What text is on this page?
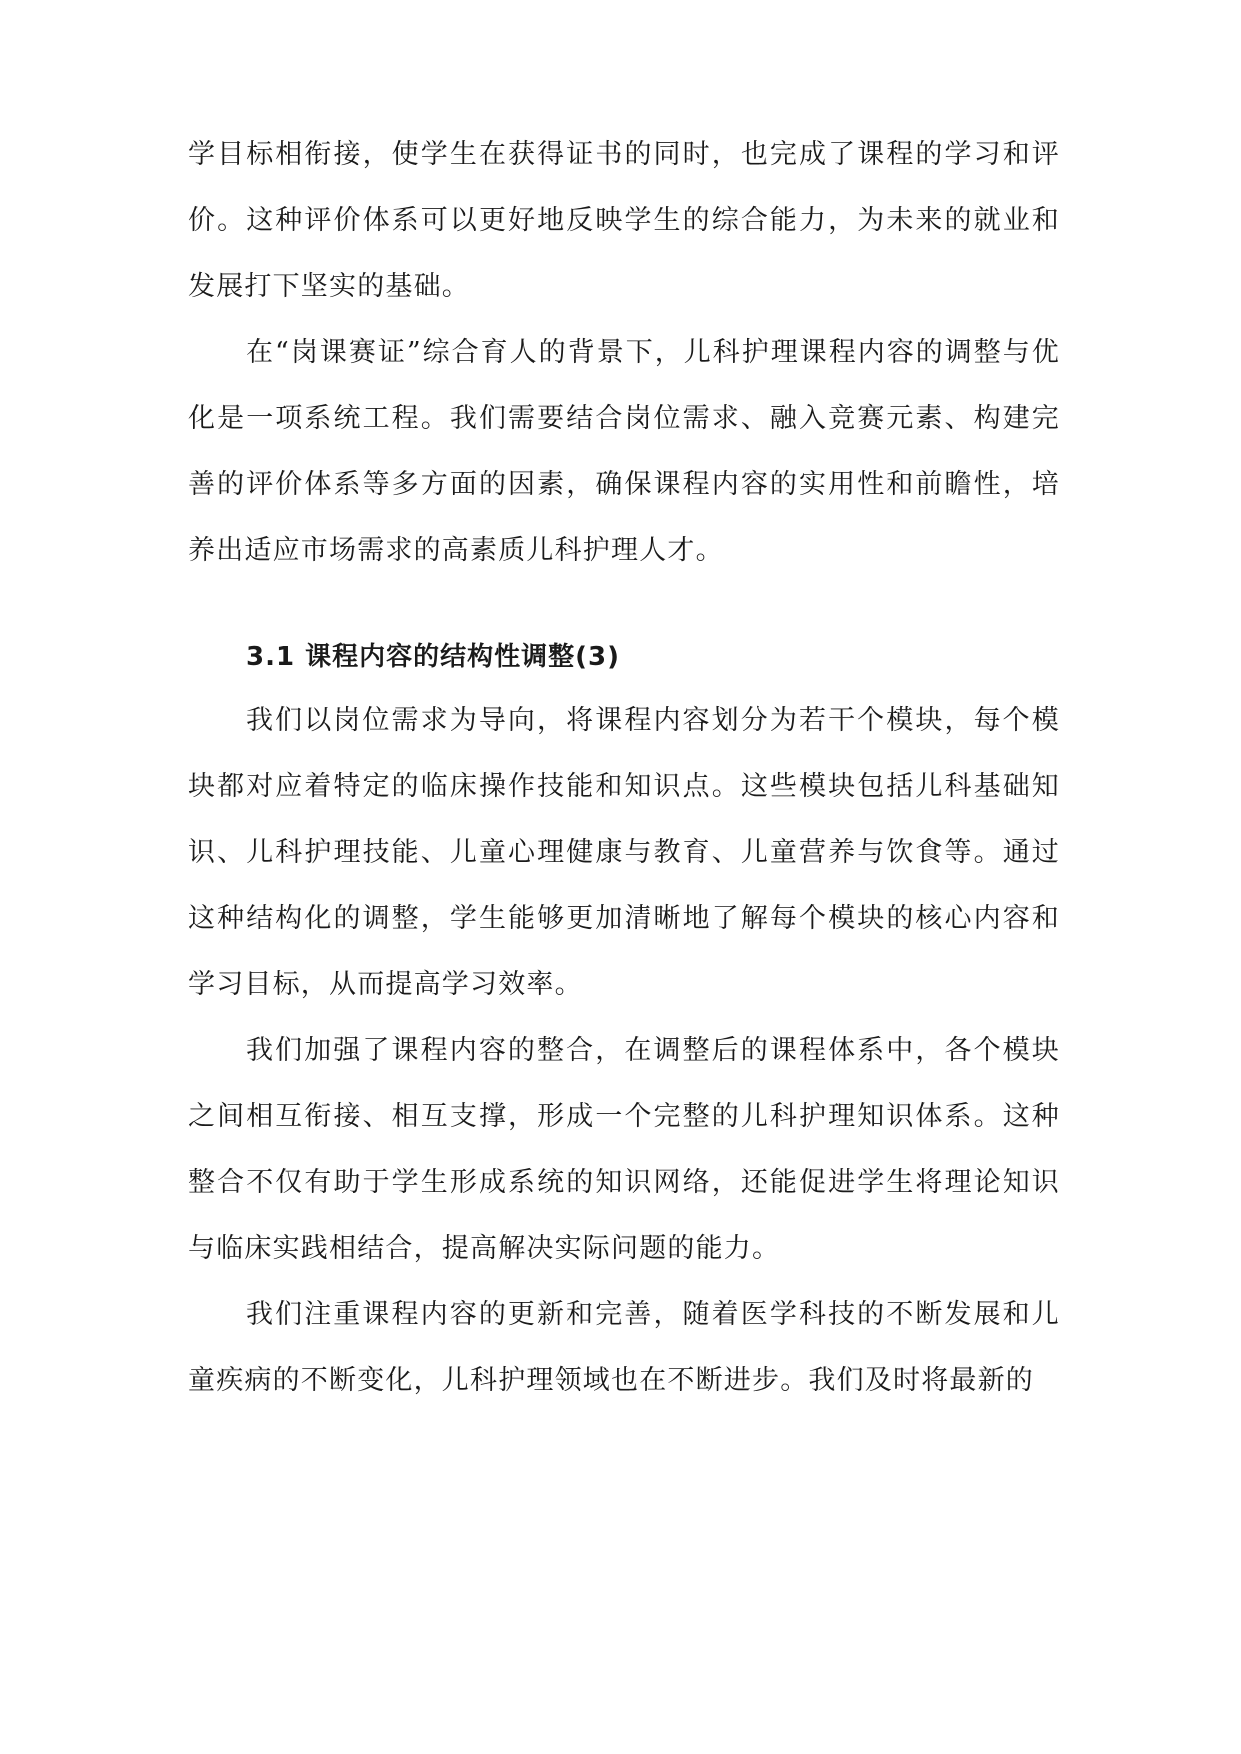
学目标相衔接，使学生在获得证书的同时，也完成了课程的学习和评价。这种评价体系可以更好地反映学生的综合能力，为未来的就业和发展打下坚实的基础。

在“岗课赛证”综合育人的背景下，儿科护理课程内容的调整与优化是一项系统工程。我们需要结合岗位需求、融入竞赛元素、构建完善的评价体系等多方面的因素，确保课程内容的实用性和前瞻性，培养出适应市场需求的高素质儿科护理人才。

3.1 课程内容的结构性调整(3)

我们以岗位需求为导向，将课程内容划分为若干个模块，每个模块都对应着特定的临床操作技能和知识点。这些模块包括儿科基础知识、儿科护理技能、儿童心理健康与教育、儿童营养与饮食等。通过这种结构化的调整，学生能够更加清晰地了解每个模块的核心内容和学习目标，从而提高学习效率。

我们加强了课程内容的整合，在调整后的课程体系中，各个模块之间相互衔接、相互支撑，形成一个完整的儿科护理知识体系。这种整合不仅有助于学生形成系统的知识网络，还能促进学生将理论知识与临床实践相结合，提高解决实际问题的能力。

我们注重课程内容的更新和完善，随着医学科技的不断发展和儿童疾病的不断变化，儿科护理领域也在不断进步。我们及时将最新的
